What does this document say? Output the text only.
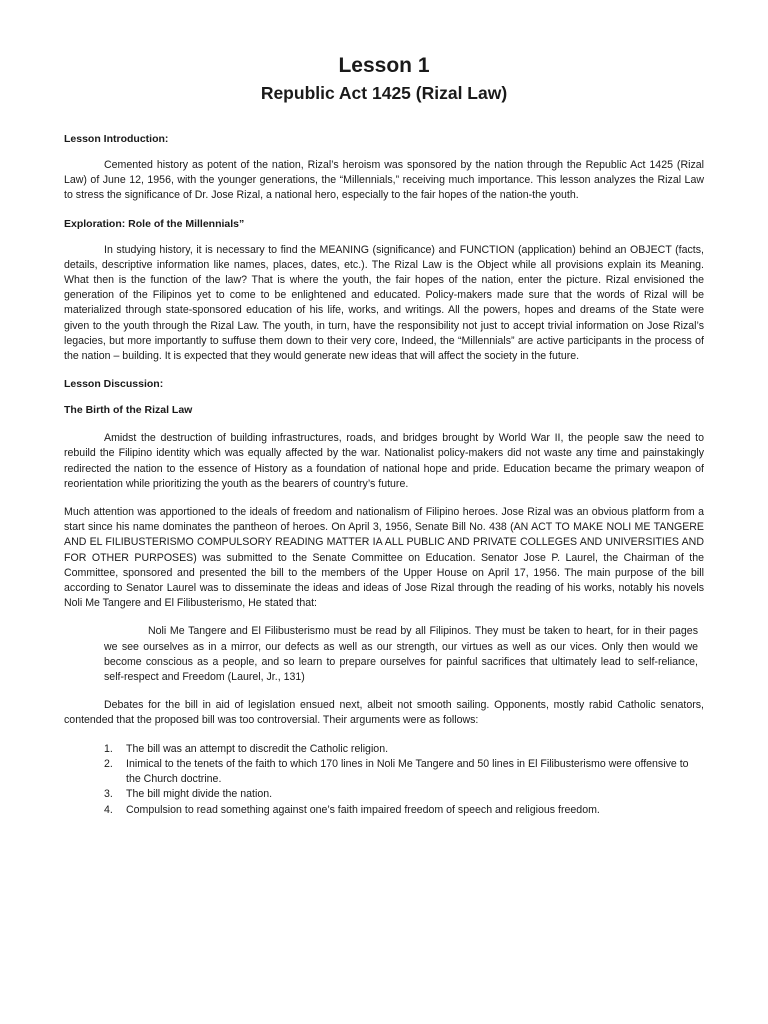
Lesson 1
Republic Act 1425 (Rizal Law)
Lesson Introduction:

Cemented history as potent of the nation, Rizal’s heroism was sponsored by the nation through the Republic Act 1425 (Rizal Law) of June 12, 1956, with the younger generations, the “Millennials,” receiving much importance. This lesson analyzes the Rizal Law to stress the significance of Dr. Jose Rizal, a national hero, especially to the fair hopes of the nation-the youth.

Exploration: Role of the Millennials”

In studying history, it is necessary to find the MEANING (significance) and FUNCTION (application) behind an OBJECT (facts, details, descriptive information like names, places, dates, etc.). The Rizal Law is the Object while all provisions explain its Meaning. What then is the function of the law? That is where the youth, the fair hopes of the nation, enter the picture. Rizal envisioned the generation of the Filipinos yet to come to be enlightened and educated. Policy-makers made sure that the words of Rizal will be materialized through state-sponsored education of his life, works, and writings. All the powers, hopes and dreams of the State were given to the youth through the Rizal Law. The youth, in turn, have the responsibility not just to accept trivial information on Jose Rizal’s legacies, but more importantly to suffuse them down to their very core, Indeed, the “Millennials” are active participants in the process of the nation – building. It is expected that they would generate new ideas that will affect the society in the future.

Lesson Discussion:
The Birth of the Rizal Law

Amidst the destruction of building infrastructures, roads, and bridges brought by World War II, the people saw the need to rebuild the Filipino identity which was equally affected by the war. Nationalist policy-makers did not waste any time and painstakingly redirected the nation to the essence of History as a foundation of national hope and pride. Education became the primary weapon of reorientation while prioritizing the youth as the bearers of country’s future.

Much attention was apportioned to the ideals of freedom and nationalism of Filipino heroes. Jose Rizal was an obvious platform from a start since his name dominates the pantheon of heroes. On April 3, 1956, Senate Bill No. 438 (AN ACT TO MAKE NOLI ME TANGERE AND EL FILIBUSTERISMO COMPULSORY READING MATTER IA ALL PUBLIC AND PRIVATE COLLEGES AND UNIVERSITIES AND FOR OTHER PURPOSES) was submitted to the Senate Committee on Education. Senator Jose P. Laurel, the Chairman of the Committee, sponsored and presented the bill to the members of the Upper House on April 17, 1956. The main purpose of the bill according to Senator Laurel was to disseminate the ideas and ideas of Jose Rizal through the reading of his works, notably his novels Noli Me Tangere and El Filibusterismo, He stated that:

Noli Me Tangere and El Filibusterismo must be read by all Filipinos. They must be taken to heart, for in their pages we see ourselves as in a mirror, our defects as well as our strength, our virtues as well as our vices. Only then would we become conscious as a people, and so learn to prepare ourselves for painful sacrifices that ultimately lead to self-reliance, self-respect and Freedom (Laurel, Jr., 131)

Debates for the bill in aid of legislation ensued next, albeit not smooth sailing. Opponents, mostly rabid Catholic senators, contended that the proposed bill was too controversial. Their arguments were as follows:

1.	The bill was an attempt to discredit the Catholic religion.
2.	Inimical to the tenets of the faith to which 170 lines in Noli Me Tangere and 50 lines in El Filibusterismo were offensive to the Church doctrine.
3.	The bill might divide the nation.
4.	Compulsion to read something against one’s faith impaired freedom of speech and religious freedom.
